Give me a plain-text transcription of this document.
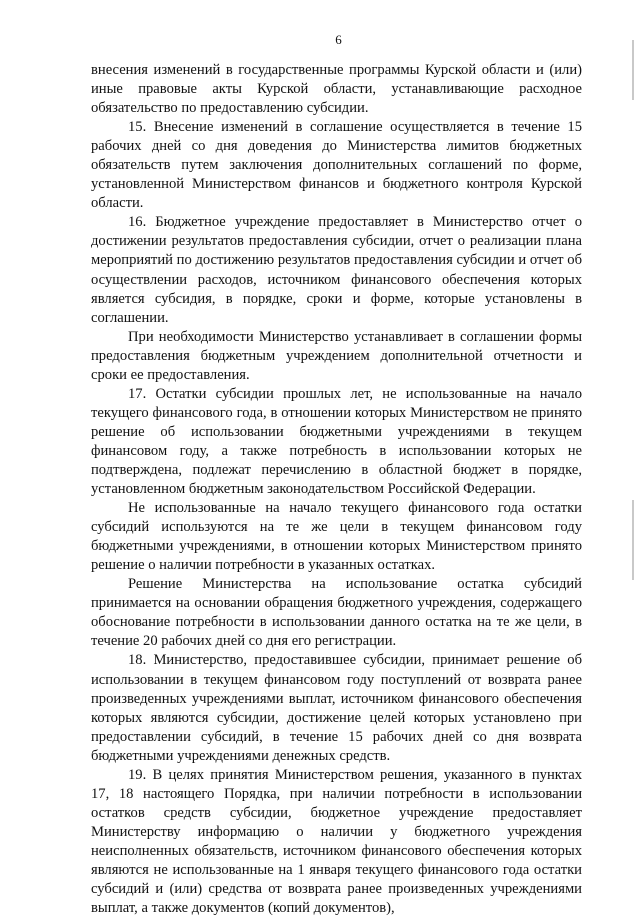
6

внесения изменений в государственные программы Курской области и (или) иные правовые акты Курской области, устанавливающие расходное обязательство по предоставлению субсидии.

15. Внесение изменений в соглашение осуществляется в течение 15 рабочих дней со дня доведения до Министерства лимитов бюджетных обязательств путем заключения дополнительных соглашений по форме, установленной Министерством финансов и бюджетного контроля Курской области.

16. Бюджетное учреждение предоставляет в Министерство отчет о достижении результатов предоставления субсидии, отчет о реализации плана мероприятий по достижению результатов предоставления субсидии и отчет об осуществлении расходов, источником финансового обеспечения которых является субсидия, в порядке, сроки и форме, которые установлены в соглашении.

При необходимости Министерство устанавливает в соглашении формы предоставления бюджетным учреждением дополнительной отчетности и сроки ее предоставления.

17. Остатки субсидии прошлых лет, не использованные на начало текущего финансового года, в отношении которых Министерством не принято решение об использовании бюджетными учреждениями в текущем финансовом году, а также потребность в использовании которых не подтверждена, подлежат перечислению в областной бюджет в порядке, установленном бюджетным законодательством Российской Федерации.

Не использованные на начало текущего финансового года остатки субсидий используются на те же цели в текущем финансовом году бюджетными учреждениями, в отношении которых Министерством принято решение о наличии потребности в указанных остатках.

Решение Министерства на использование остатка субсидий принимается на основании обращения бюджетного учреждения, содержащего обоснование потребности в использовании данного остатка на те же цели, в течение 20 рабочих дней со дня его регистрации.

18. Министерство, предоставившее субсидии, принимает решение об использовании в текущем финансовом году поступлений от возврата ранее произведенных учреждениями выплат, источником финансового обеспечения которых являются субсидии, достижение целей которых установлено при предоставлении субсидий, в течение 15 рабочих дней со дня возврата бюджетными учреждениями денежных средств.

19. В целях принятия Министерством решения, указанного в пунктах 17, 18 настоящего Порядка, при наличии потребности в использовании остатков средств субсидии, бюджетное учреждение предоставляет Министерству информацию о наличии у бюджетного учреждения неисполненных обязательств, источником финансового обеспечения которых являются не использованные на 1 января текущего финансового года остатки субсидий и (или) средства от возврата ранее произведенных учреждениями выплат, а также документов (копий документов),
